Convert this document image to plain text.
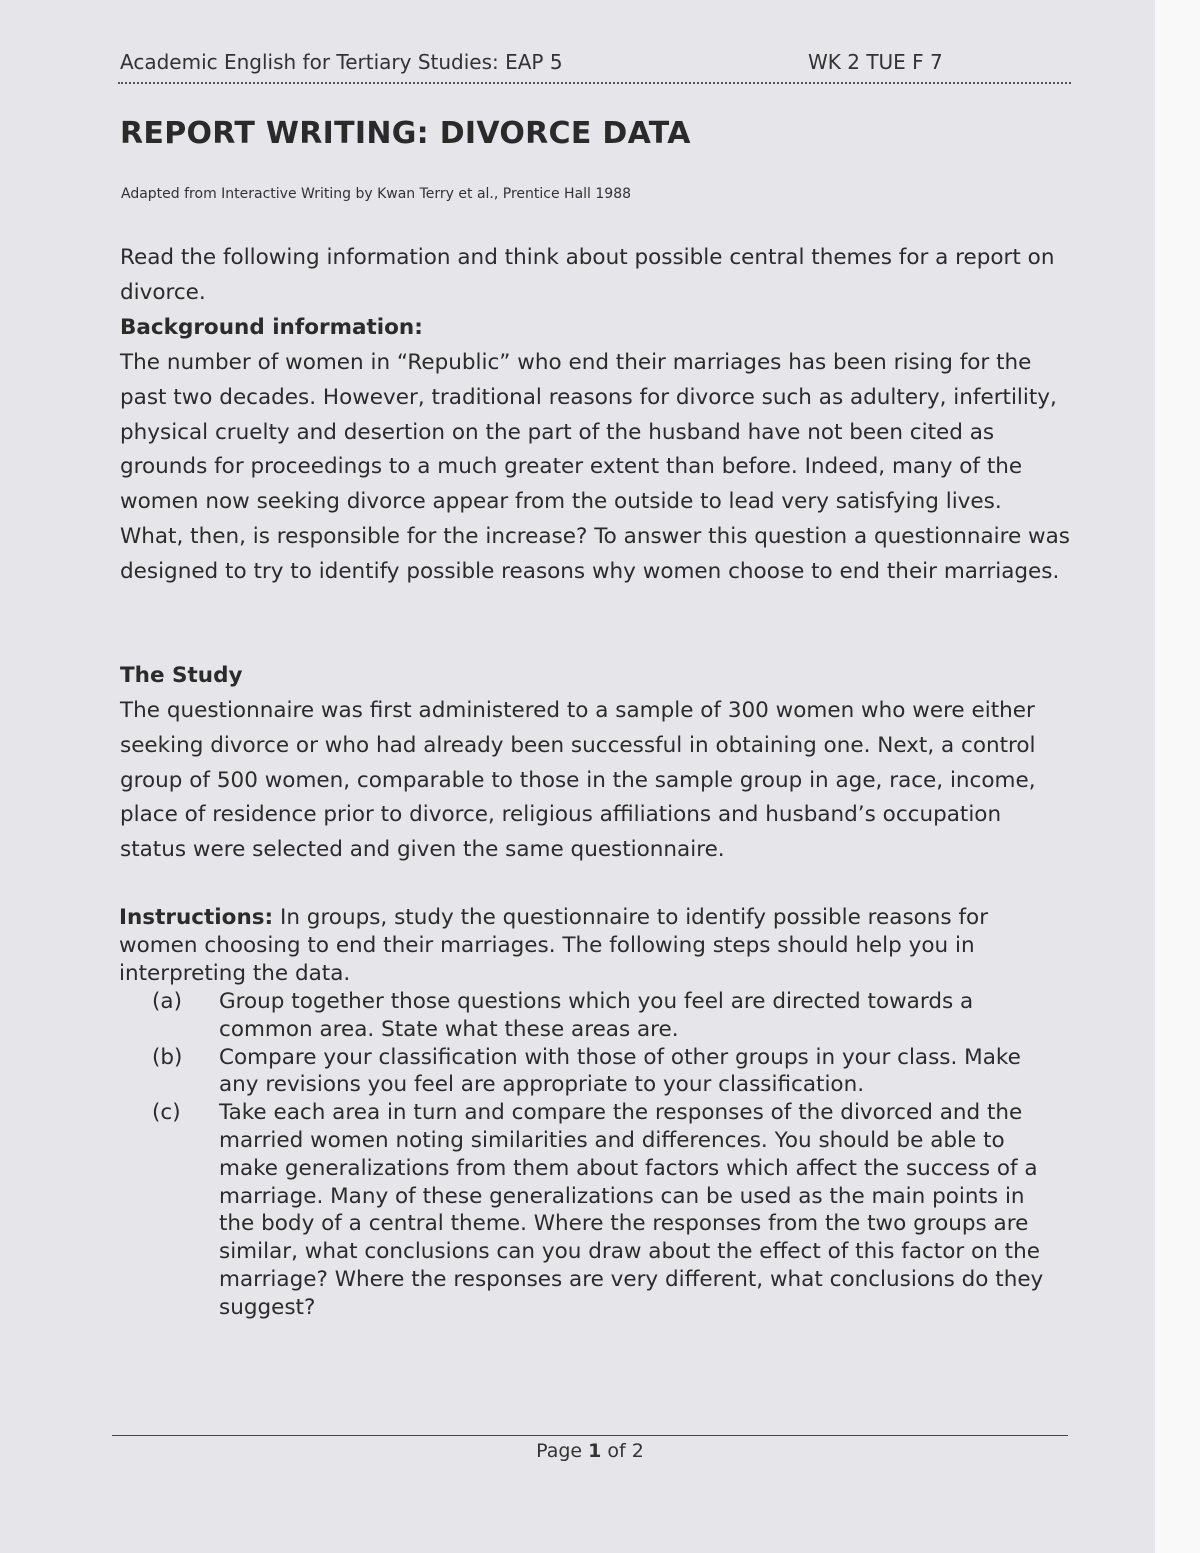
Academic English for Tertiary Studies: EAP 5	WK 2 TUE F 7
REPORT WRITING: DIVORCE DATA
Adapted from Interactive Writing by Kwan Terry et al., Prentice Hall 1988
Read the following information and think about possible central themes for a report on divorce.
Background information:
The number of women in “Republic” who end their marriages has been rising for the past two decades. However, traditional reasons for divorce such as adultery, infertility, physical cruelty and desertion on the part of the husband have not been cited as grounds for proceedings to a much greater extent than before. Indeed, many of the women now seeking divorce appear from the outside to lead very satisfying lives. What, then, is responsible for the increase? To answer this question a questionnaire was designed to try to identify possible reasons why women choose to end their marriages.
The Study
The questionnaire was first administered to a sample of 300 women who were either seeking divorce or who had already been successful in obtaining one. Next, a control group of 500 women, comparable to those in the sample group in age, race, income, place of residence prior to divorce, religious affiliations and husband’s occupation status were selected and given the same questionnaire.
Instructions: In groups, study the questionnaire to identify possible reasons for women choosing to end their marriages. The following steps should help you in interpreting the data.
(a) Group together those questions which you feel are directed towards a common area. State what these areas are.
(b) Compare your classification with those of other groups in your class. Make any revisions you feel are appropriate to your classification.
(c) Take each area in turn and compare the responses of the divorced and the married women noting similarities and differences. You should be able to make generalizations from them about factors which affect the success of a marriage. Many of these generalizations can be used as the main points in the body of a central theme. Where the responses from the two groups are similar, what conclusions can you draw about the effect of this factor on the marriage? Where the responses are very different, what conclusions do they suggest?
Page 1 of 2
